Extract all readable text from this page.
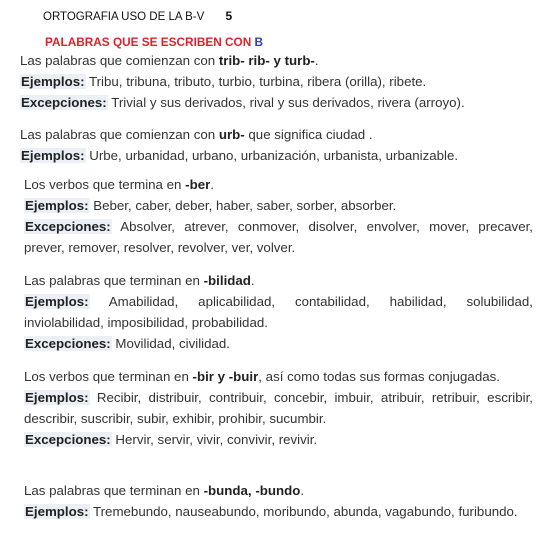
ORTOGRAFIA USO DE LA B-V 5
PALABRAS QUE SE ESCRIBEN CON B

Las palabras que comienzan con trib- rib- y turb-.

Ejemplos: Tribu, tribuna, tributo, turbio, turbina, ribera (orilla), ribete.

Excepciones: Trivial y sus derivados, rival y sus derivados, rivera (arroyo).

Las palabras que comienzan con urb- que significa ciudad .

Ejemplos: Urbe, urbanidad, urbano, urbanización, urbanista, urbanizable.

Los verbos que termina en -ber.

Ejemplos: Beber, caber, deber, haber, saber, sorber, absorber.

Excepciones: Absolver, atrever, conmover, disolver, envolver, mover, precaver, prever, remover, resolver, revolver, ver, volver.

Las palabras que terminan en -bilidad.

Ejemplos: Amabilidad, aplicabilidad, contabilidad, habilidad, solubilidad, inviolabilidad, imposibilidad, probabilidad.

Excepciones: Movilidad, civilidad.

Los verbos que terminan en -bir y -buir, así como todas sus formas conjugadas.

Ejemplos: Recibir, distribuir, contribuir, concebir, imbuir, atribuir, retribuir, escribir, describir, suscribir, subir, exhibir, prohibir, sucumbir.

Excepciones: Hervir, servir, vivir, convivir, revivir.

Las palabras que terminan en -bunda, -bundo.

Ejemplos: Tremebundo, nauseabundo, moribundo, abunda, vagabundo, furibundo.
